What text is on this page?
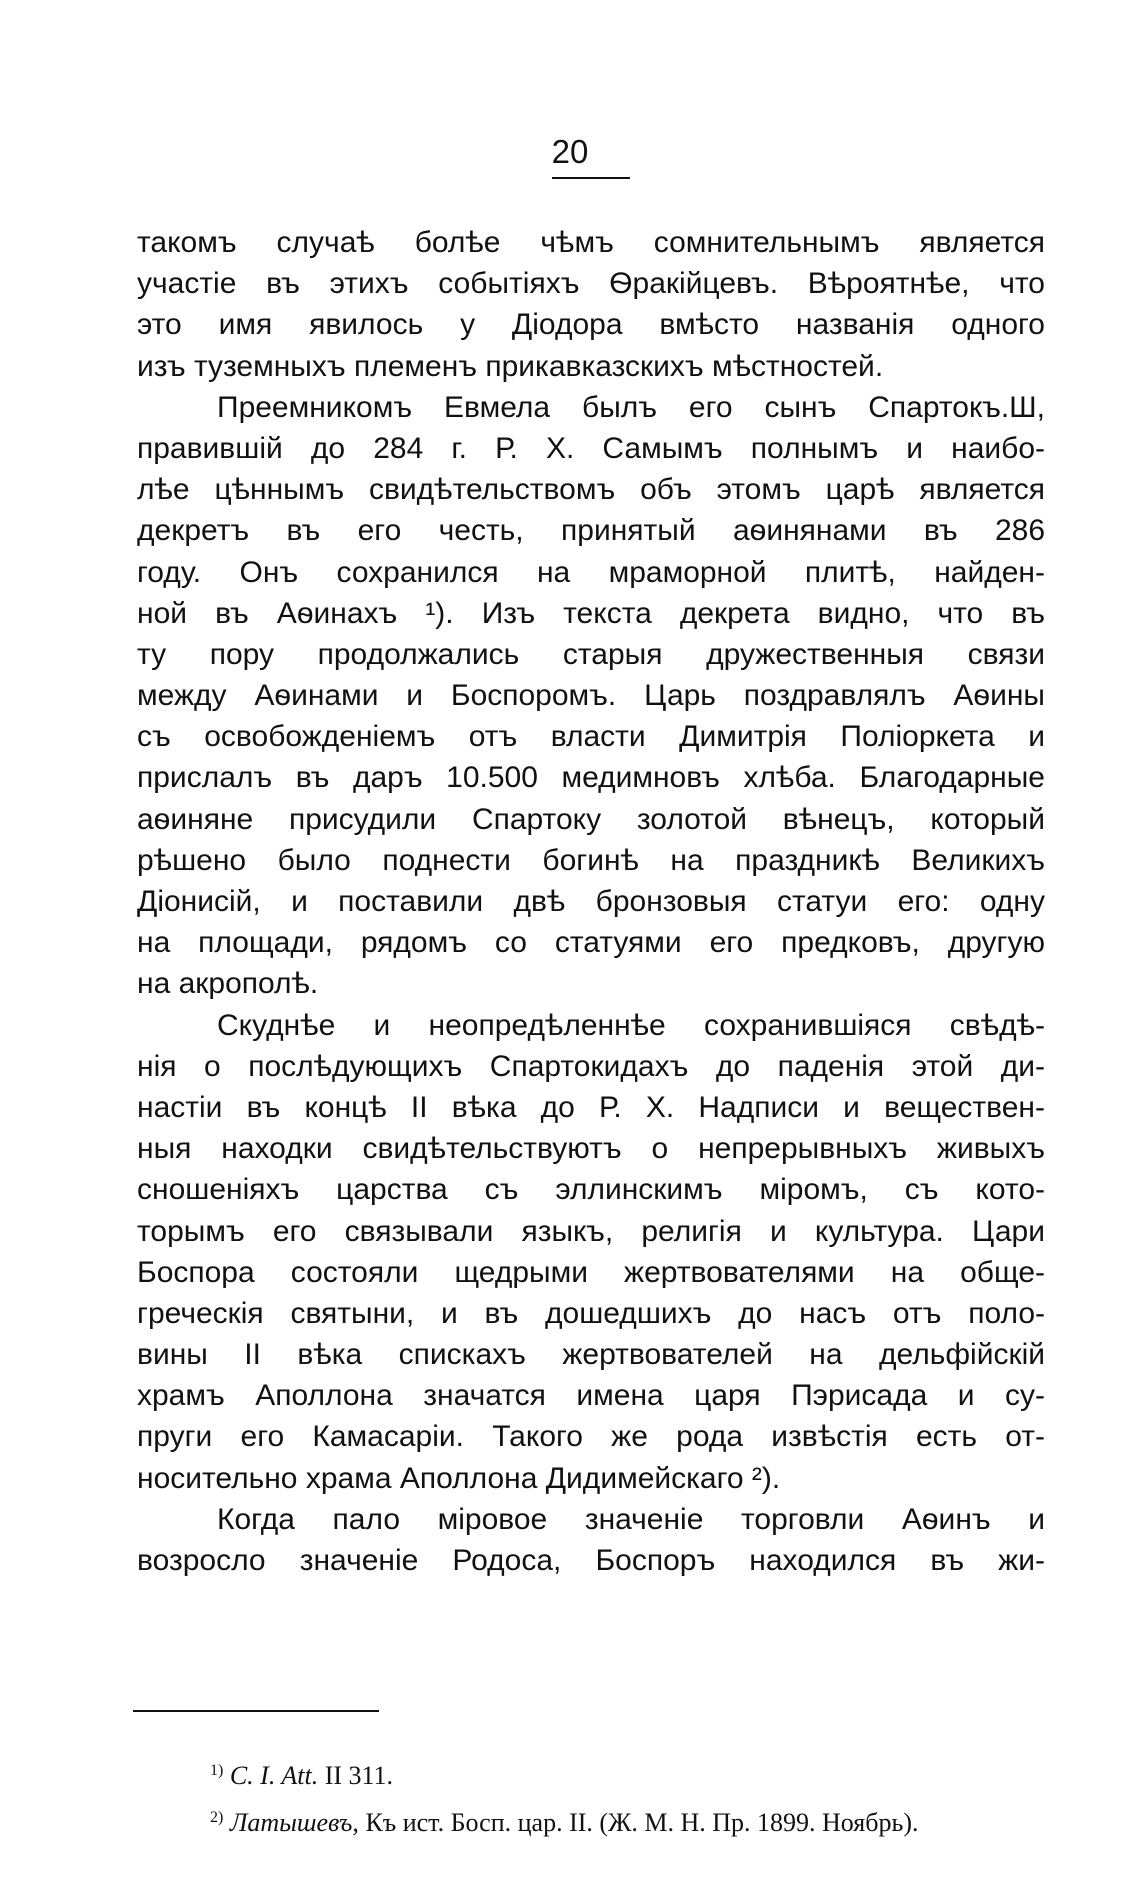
20
такомъ случаѣ болѣе чѣмъ сомнительнымъ является
участіе въ этихъ событіяхъ Ѳракійцевъ. Вѣроятнѣе, что
это имя явилось у Діодора вмѣсто названія одного
изъ туземныхъ племенъ прикавказскихъ мѣстностей.
Преемникомъ Евмела былъ его сынъ Спартокъ.Ш,
правившій до 284 г. Р. Х. Самымъ полнымъ и наибо-
лѣе цѣннымъ свидѣтельствомъ объ этомъ царѣ является
декретъ въ его честь, принятый аѳинянами въ 286
году. Онъ сохранился на мраморной плитѣ, найден-
ной въ Аѳинахъ ¹). Изъ текста декрета видно, что въ
ту пору продолжались старыя дружественныя связи
между Аѳинами и Боспоромъ. Царь поздравлялъ Аѳины
съ освобожденіемъ отъ власти Димитрія Поліоркета и
прислалъ въ даръ 10.500 медимновъ хлѣба. Благодарные
аѳиняне присудили Спартоку золотой вѣнецъ, который
рѣшено было поднести богинѣ на праздникѣ Великихъ
Діонисій, и поставили двѣ бронзовыя статуи его: одну
на площади, рядомъ со статуями его предковъ, другую
на акрополѣ.
Скуднѣе и неопредѣленнѣе сохранившіяся свѣдѣ-
нія о послѣдующихъ Спартокидахъ до паденія этой ди-
настіи въ концѣ II вѣка до Р. Х. Надписи и веществен-
ныя находки свидѣтельствуютъ о непрерывныхъ живыхъ
сношеніяхъ царства съ эллинскимъ міромъ, съ кото-
торымъ его связывали языкъ, религія и культура. Цари
Боспора состояли щедрыми жертвователями на обще-
греческія святыни, и въ дошедшихъ до насъ отъ поло-
вины II вѣка спискахъ жертвователей на дельфійскій
храмъ Аполлона значатся имена царя Пэрисада и су-
пруги его Камасаріи. Такого же рода извѣстія есть от-
носительно храма Аполлона Дидимейскаго ²).
Когда пало міровое значеніе торговли Аѳинъ и
возросло значеніе Родоса, Боспоръ находился въ жи-
$^{1)}$ C. I. Att. II 311.
$^{2)}$ Латышевъ, Къ ист. Босп. цар. II. (Ж. М. Н. Пр. 1899. Ноябрь).
